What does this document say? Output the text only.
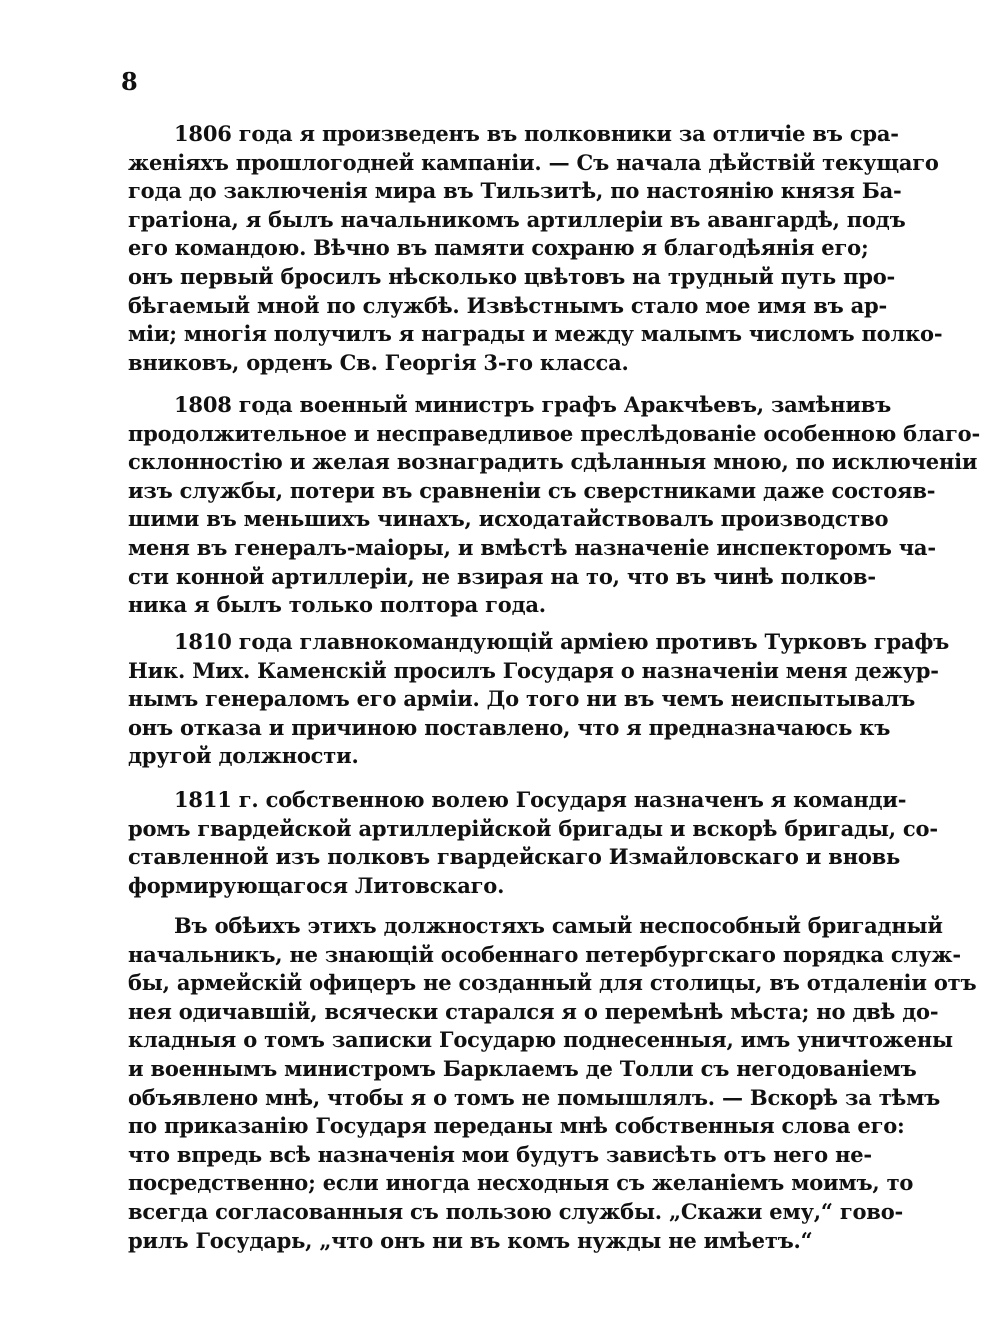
8
1806 года я произведенъ въ полковники за отличіе въ сра-
женіяхъ прошлогодней кампаніи. — Съ начала дѣйствій текущаго
года до заключенія мира въ Тильзитѣ, по настоянію князя Ба-
гратіона, я былъ начальникомъ артиллеріи въ авангардѣ, подъ
его командою. Вѣчно въ памяти сохраню я благодѣянія его;
онъ первый бросилъ нѣсколько цвѣтовъ на трудный путь про-
бѣгаемый мной по службѣ. Извѣстнымъ стало мое имя въ ар-
міи; многія получилъ я награды и между малымъ числомъ полко-
вниковъ, орденъ Св. Георгія 3-го класса.
1808 года военный министръ графъ Аракчѣевъ, замѣнивъ
продолжительное и несправедливое преслѣдованіе особенною благо-
склонностію и желая вознаградить сдѣланныя мною, по исключеніи
изъ службы, потери въ сравненіи съ сверстниками даже состояв-
шими въ меньшихъ чинахъ, исходатайствовалъ производство
меня въ генералъ-маіоры, и вмѣстѣ назначеніе инспекторомъ ча-
сти конной артиллеріи, не взирая на то, что въ чинѣ полков-
ника я былъ только полтора года.
1810 года главнокомандующій арміею противъ Турковъ графъ
Ник. Мих. Каменскій просилъ Государя о назначеніи меня дежур-
нымъ генераломъ его арміи. До того ни въ чемъ неиспытывалъ
онъ отказа и причиною поставлено, что я предназначаюсь къ
другой должности.
1811 г. собственною волею Государя назначенъ я команди-
ромъ гвардейской артиллерійской бригады и вскорѣ бригады, со-
ставленной изъ полковъ гвардейскаго Измайловскаго и вновь
формирующагося Литовскаго.
Въ обѣихъ этихъ должностяхъ самый неспособный бригадный
начальникъ, не знающій особеннаго петербургскаго порядка служ-
бы, армейскій офицеръ не созданный для столицы, въ отдаленіи отъ
нея одичавшій, всячески старался я о перемѣнѣ мѣста; но двѣ до-
кладныя о томъ записки Государю поднесенныя, имъ уничтожены
и военнымъ министромъ Барклаемъ де Толли съ негодованіемъ
объявлено мнѣ, чтобы я о томъ не помышлялъ. — Вскорѣ за тѣмъ
по приказанію Государя переданы мнѣ собственныя слова его:
что впредь всѣ назначенія мои будутъ зависѣть отъ него не-
посредственно; если иногда несходныя съ желаніемъ моимъ, то
всегда согласованныя съ пользою службы. „Скажи ему,“ гово-
рилъ Государь, „что онъ ни въ комъ нужды не имѣетъ.“
